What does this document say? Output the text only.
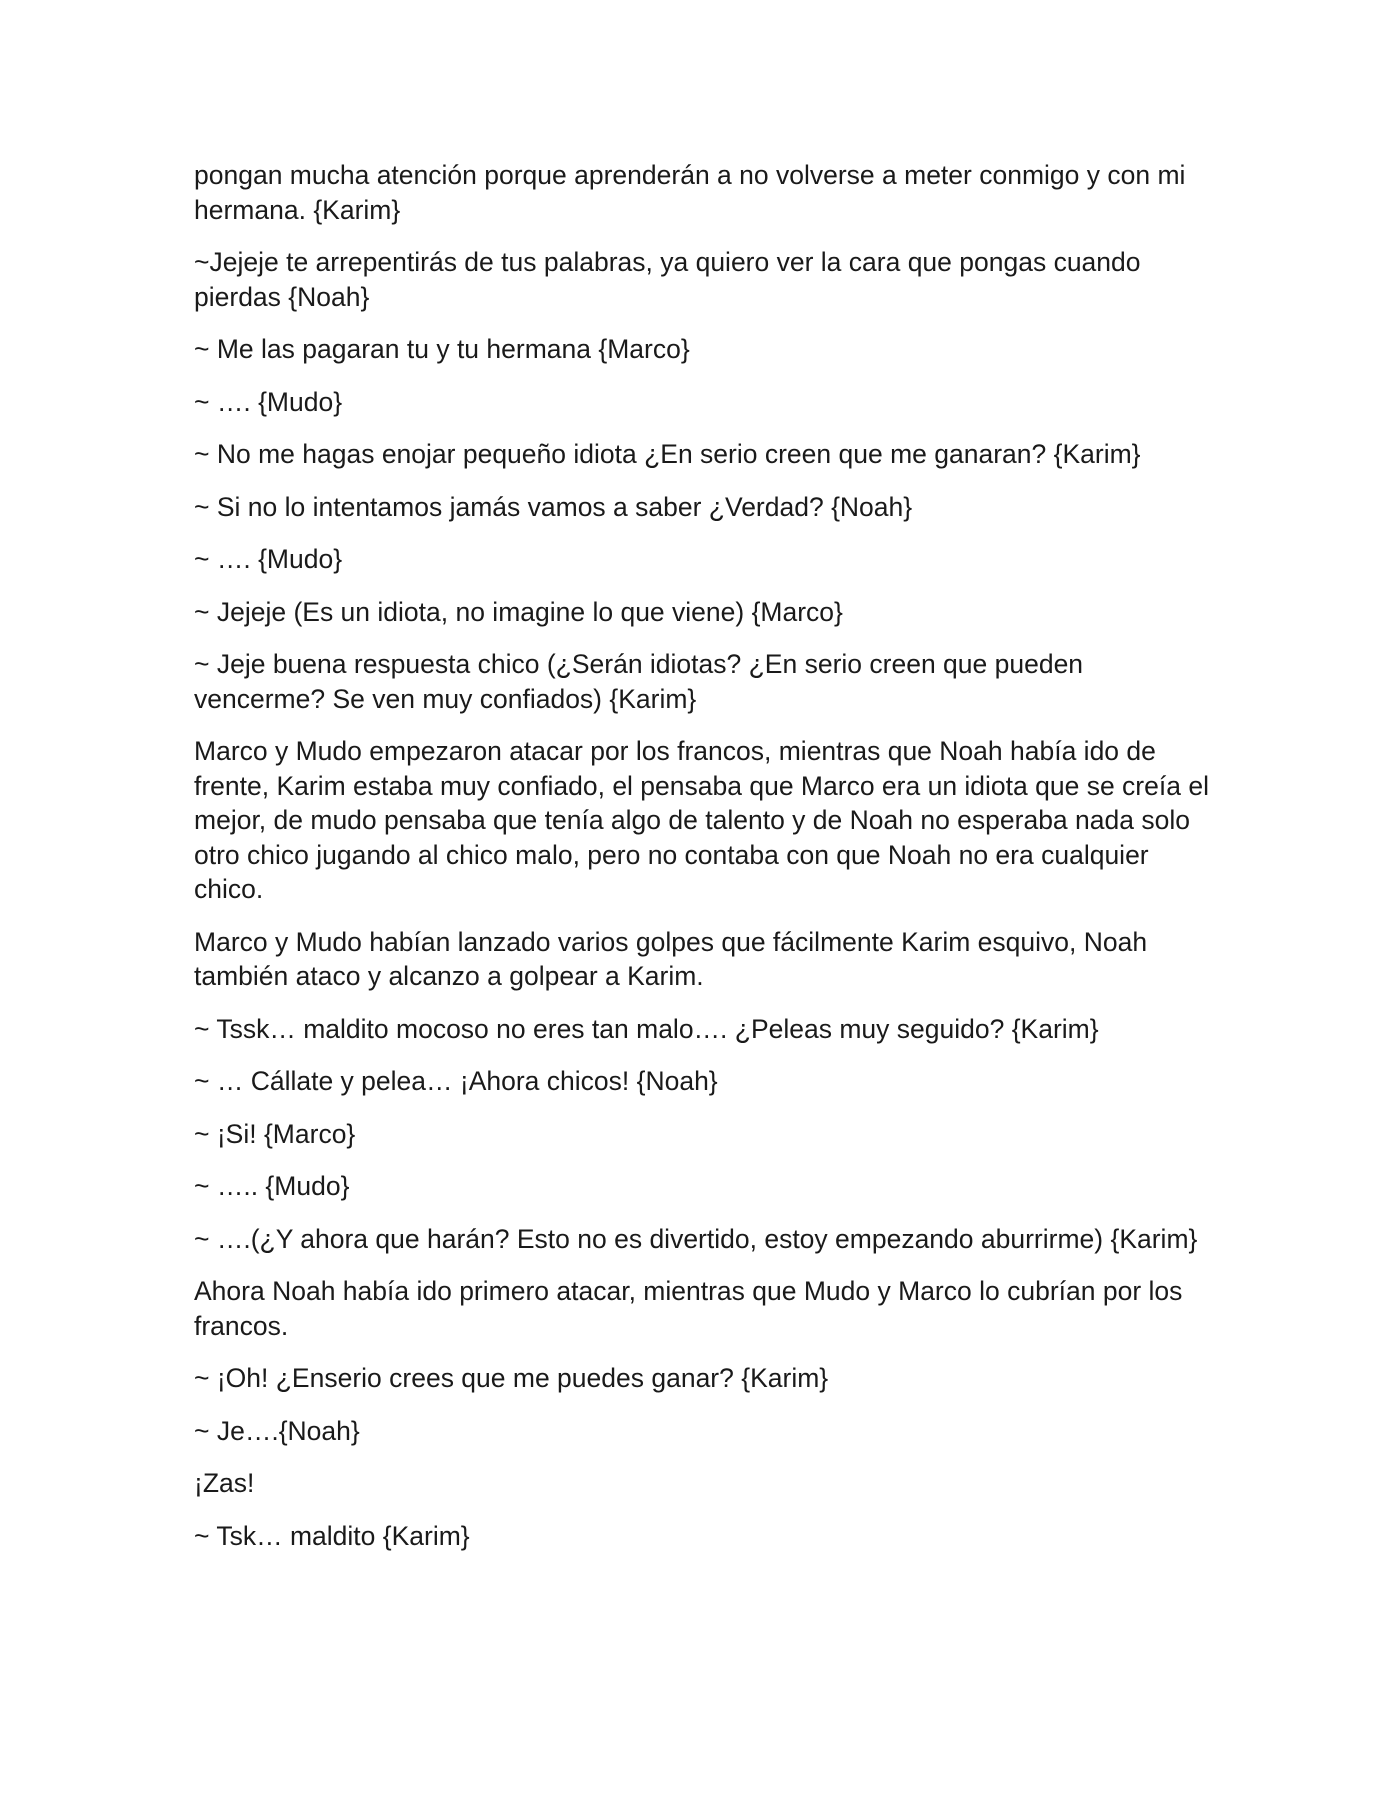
pongan mucha atención porque aprenderán a no volverse a meter conmigo y con mi hermana. {Karim}

~Jejeje te arrepentirás de tus palabras, ya quiero ver la cara que pongas cuando pierdas {Noah}

~ Me las pagaran tu y tu hermana {Marco}

~ …. {Mudo}

~ No me hagas enojar pequeño idiota ¿En serio creen que me ganaran? {Karim}

~ Si no lo intentamos jamás vamos a saber ¿Verdad? {Noah}

~ …. {Mudo}

~ Jejeje (Es un idiota, no imagine lo que viene) {Marco}

~ Jeje buena respuesta chico (¿Serán idiotas? ¿En serio creen que pueden vencerme? Se ven muy confiados) {Karim}

Marco y Mudo empezaron atacar por los francos, mientras que Noah había ido de frente, Karim estaba muy confiado, el pensaba que Marco era un idiota que se creía el mejor, de mudo pensaba que tenía algo de talento y de Noah no esperaba nada solo otro chico jugando al chico malo, pero no contaba con que Noah no era cualquier chico.

Marco y Mudo habían lanzado varios golpes que fácilmente Karim esquivo, Noah también ataco y alcanzo a golpear a Karim.

~ Tssk… maldito mocoso no eres tan malo…. ¿Peleas muy seguido? {Karim}

~ … Cállate y pelea… ¡Ahora chicos! {Noah}

~ ¡Si! {Marco}

~ ….. {Mudo}

~ ….(¿Y ahora que harán? Esto no es divertido, estoy empezando aburrirme) {Karim}

Ahora Noah había ido primero atacar, mientras que Mudo y Marco lo cubrían por los francos.

~ ¡Oh! ¿Enserio crees que me puedes ganar? {Karim}

~ Je….{Noah}

¡Zas!

~ Tsk… maldito {Karim}
